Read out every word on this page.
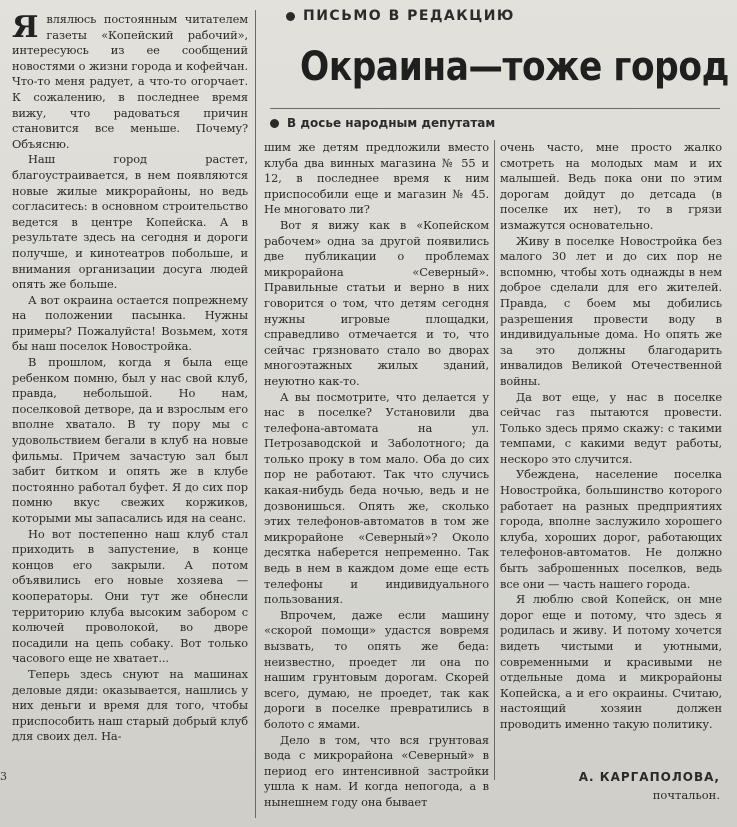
ПИСЬМО В РЕДАКЦИЮ
Окраина—тоже город
В досье народным депутатам

Являлюсь постоянным читателем газеты «Копейский рабочий», интересуюсь из ее сообщений новостями о жизни города и кофейчан. Что-то меня радует, а что-то огорчает. К сожалению, в последнее время вижу, что радоваться причин становится все меньше. Почему? Объясню.

Наш город растет, благоустраивается, в нем появляются новые жилые микрорайоны, но ведь согласитесь: в основном строительство ведется в центре Копейска. А в результате здесь на сегодня и дороги получше, и кинотеатров побольше, и внимания организации досуга людей опять же больше.

А вот окраина остается попрежнему на положении пасынка. Нужны примеры? Пожалуйста! Возьмем, хотя бы наш поселок Новостройка.

В прошлом, когда я была еще ребенком помню, был у нас свой клуб, правда, небольшой. Но нам, поселковой детворе, да и взрослым его вполне хватало. В ту пору мы с удовольствием бегали в клуб на новые фильмы. Причем зачастую зал был забит битком и опять же в клубе постоянно работал буфет. Я до сих пор помню вкус свежих коржиков, которыми мы запасались идя на сеанс.

Но вот постепенно наш клуб стал приходить в запустение, в конце концов его закрыли. А потом объявились его новые хозяева — кооператоры. Они тут же обнесли территорию клуба высоким забором с колючей проволокой, во дворе посадили на цепь собаку. Вот только часового еще не хватает...

Теперь здесь снуют на машинах деловые дяди: оказывается, нашлись у них деньги и время для того, чтобы приспособить наш старый добрый клуб для своих дел. На-

шим же детям предложили вместо клуба два винных магазина № 55 и 12, в последнее время к ним приспособили еще и магазин № 45. Не многовато ли?

Вот я вижу как в «Копейском рабочем» одна за другой появились две публикации о проблемах микрорайона «Северный». Правильные статьи и верно в них говорится о том, что детям сегодня нужны игровые площадки, справедливо отмечается и то, что сейчас грязновато стало во дворах многоэтажных жилых зданий, неуютно как-то.

А вы посмотрите, что делается у нас в поселке? Установили два телефона-автомата на ул. Петрозаводской и Заболотного; да только проку в том мало. Оба до сих пор не работают. Так что случись какая-нибудь беда ночью, ведь и не дозвонишься. Опять же, сколько этих телефонов-автоматов в том же микрорайоне «Северный»? Около десятка наберется непременно. Так ведь в нем в каждом доме еще есть телефоны и индивидуального пользования.

Впрочем, даже если машину «скорой помощи» удастся вовремя вызвать, то опять же беда: неизвестно, проедет ли она по нашим грунтовым дорогам. Скорей всего, думаю, не проедет, так как дороги в поселке превратились в болото с ямами.

Дело в том, что вся грунтовая вода с микрорайона «Северный» в период его интенсивной застройки ушла к нам. И когда непогода, а в нынешнем году она бывает

очень часто, мне просто жалко смотреть на молодых мам и их малышей. Ведь пока они по этим дорогам дойдут до детсада (в поселке их нет), то в грязи измажутся основательно.

Живу в поселке Новостройка без малого 30 лет и до сих пор не вспомню, чтобы хоть однажды в нем доброе сделали для его жителей. Правда, с боем мы добились разрешения провести воду в индивидуальные дома. Но опять же за это должны благодарить инвалидов Великой Отечественной войны.

Да вот еще, у нас в поселке сейчас газ пытаются провести. Только здесь прямо скажу: с такими темпами, с какими ведут работы, нескоро это случится.

Убеждена, население поселка Новостройка, большинство которого работает на разных предприятиях города, вполне заслужило хорошего клуба, хороших дорог, работающих телефонов-автоматов. Не должно быть заброшенных поселков, ведь все они — часть нашего города.

Я люблю свой Копейск, он мне дорог еще и потому, что здесь я родилась и живу. И потому хочется видеть чистыми и уютными, современными и красивыми не отдельные дома и микрорайоны Копейска, а и его окраины. Считаю, настоящий хозяин должен проводить именно такую политику.

А. КАРГАПОЛОВА,
почтальон.
3
